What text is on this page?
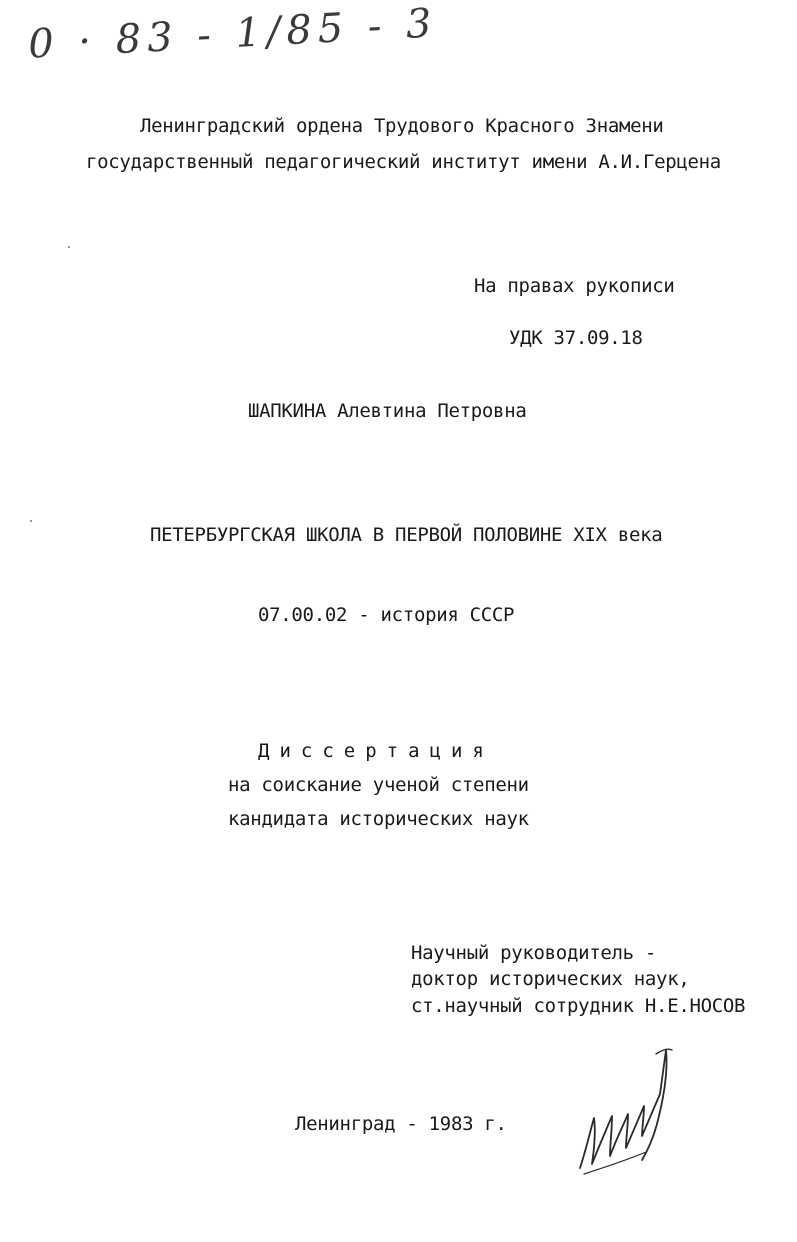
0 · 83 - 1/85 - 3
Ленинградский ордена Трудового Красного Знамени
государственный педагогический институт имени А.И.Герцена
На правах рукописи
УДК 37.09.18
ШАПКИНА Алевтина Петровна
ПЕТЕРБУРГСКАЯ ШКОЛА В ПЕРВОЙ ПОЛОВИНЕ XIX века
07.00.02 - история СССР
Диссертация
на соискание ученой степени
кандидата исторических наук
Научный руководитель -
доктор исторических наук,
ст.научный сотрудник Н.Е.НОСОВ
Ленинград - 1983 г.
